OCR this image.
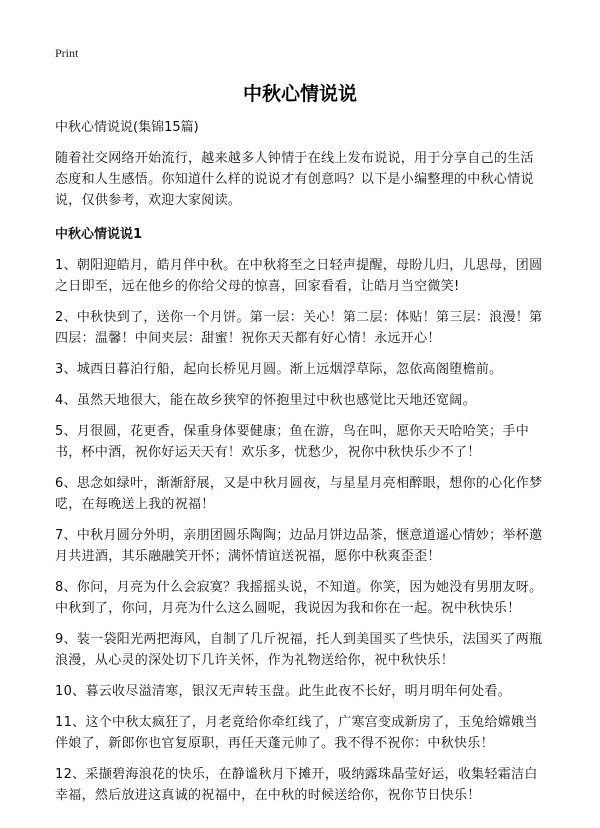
Print
中秋心情说说

中秋心情说说(集锦15篇)

随着社交网络开始流行，越来越多人钟情于在线上发布说说，用于分享自己的生活态度和人生感悟。你知道什么样的说说才有创意吗？以下是小编整理的中秋心情说说，仅供参考，欢迎大家阅读。

中秋心情说说1

1、朝阳迎皓月，皓月伴中秋。在中秋将至之日轻声提醒，母盼儿归，儿思母，团圆之日即至，远在他乡的你给父母的惊喜，回家看看，让皓月当空微笑!

2、中秋快到了，送你一个月饼。第一层：关心！第二层：体贴！第三层：浪漫！第四层：温馨！中间夹层：甜蜜！祝你天天都有好心情！永远开心！

3、城西日暮泊行船，起向长桥见月圆。渐上远烟浮草际，忽依高阁堕檐前。

4、虽然天地很大，能在故乡狭窄的怀抱里过中秋也感觉比天地还宽阔。

5、月很圆，花更香，保重身体要健康；鱼在游，鸟在叫，愿你天天哈哈笑；手中书，杯中酒，祝你好运天天有！欢乐多，忧愁少，祝你中秋快乐少不了！

6、思念如绿叶，渐渐舒展，又是中秋月圆夜，与星星月亮相醉眼，想你的心化作梦呓，在每晚送上我的祝福！

7、中秋月圆分外明，亲朋团圆乐陶陶；边品月饼边品茶，惬意道遥心情妙；举杯邀月共进酒，其乐融融笑开怀；满怀情谊送祝福，愿你中秋爽歪歪！

8、你问，月亮为什么会寂寞？我摇摇头说，不知道。你笑，因为她没有男朋友呀。中秋到了，你问，月亮为什么这么圆呢，我说因为我和你在一起。祝中秋快乐！

9、装一袋阳光两把海风，自制了几斤祝福，托人到美国买了些快乐，法国买了两瓶浪漫，从心灵的深处切下几许关怀，作为礼物送给你，祝中秋快乐！

10、暮云收尽溢清寒，银汉无声转玉盘。此生此夜不长好，明月明年何处看。

11、这个中秋太疯狂了，月老竟给你牵红线了，广寒宫变成新房了，玉兔给嫦娥当伴娘了，新郎你也官复原职，再任天蓬元帅了。我不得不祝你：中秋快乐！

12、采撷碧海浪花的快乐，在静谧秋月下摊开，吸纳露珠晶莹好运，收集轻霜洁白幸福，然后放进这真诚的祝福中，在中秋的时候送给你，祝你节日快乐！
